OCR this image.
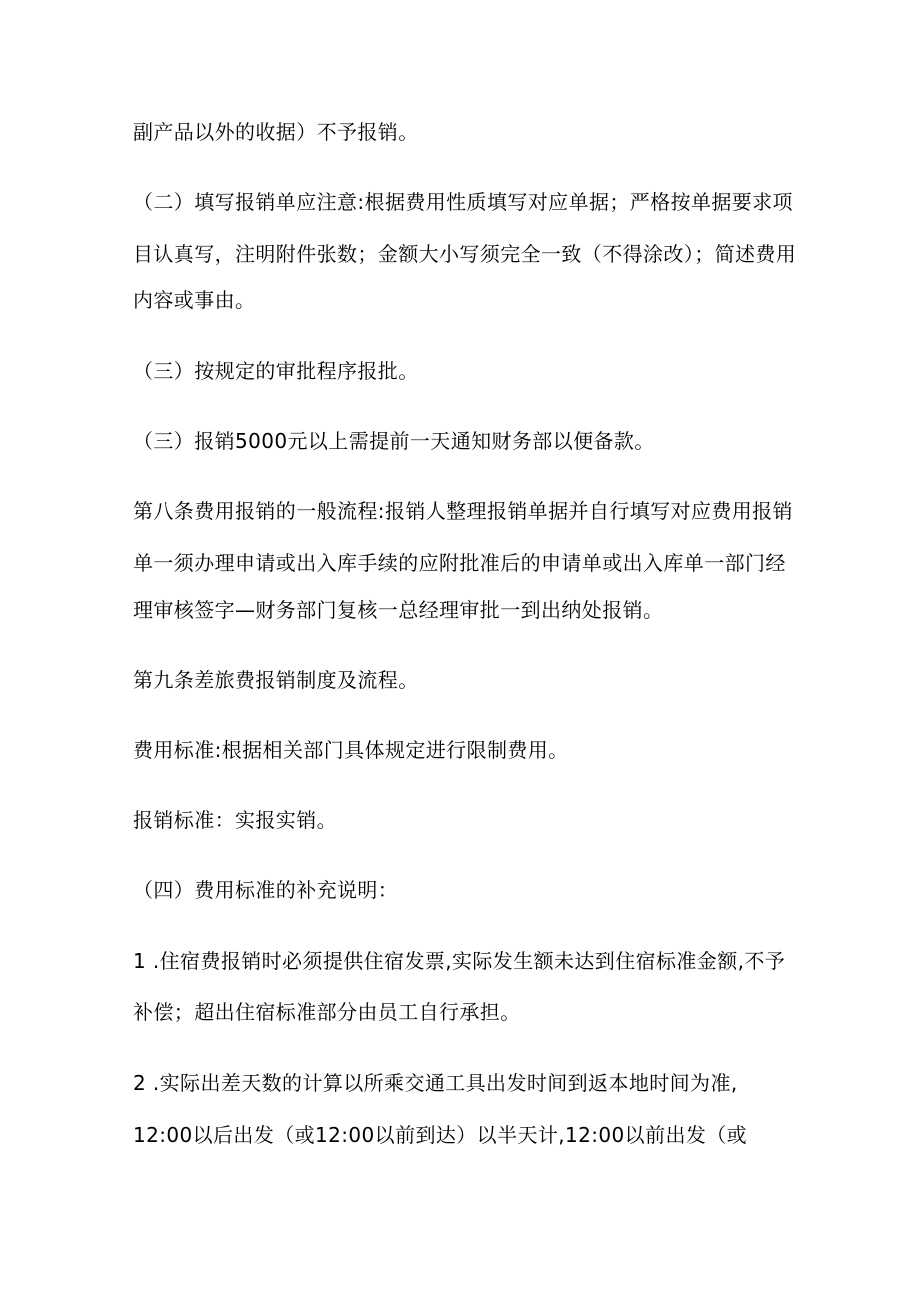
副产品以外的收据）不予报销。
（二）填写报销单应注意:根据费用性质填写对应单据；严格按单据要求项
目认真写，注明附件张数；金额大小写须完全一致（不得涂改）；简述费用
内容或事由。
（三）按规定的审批程序报批。
（三）报销5000元以上需提前一天通知财务部以便备款。
第八条费用报销的一般流程:报销人整理报销单据并自行填写对应费用报销
单一须办理申请或出入库手续的应附批准后的申请单或出入库单一部门经
理审核签字—财务部门复核一总经理审批一到出纳处报销。
第九条差旅费报销制度及流程。
费用标准:根据相关部门具体规定进行限制费用。
报销标准：实报实销。
（四）费用标准的补充说明：
1 .住宿费报销时必须提供住宿发票,实际发生额未达到住宿标准金额,不予
补偿；超出住宿标准部分由员工自行承担。
2 .实际出差天数的计算以所乘交通工具出发时间到返本地时间为准,
12:00以后出发（或12:00以前到达）以半天计,12:00以前出发（或
